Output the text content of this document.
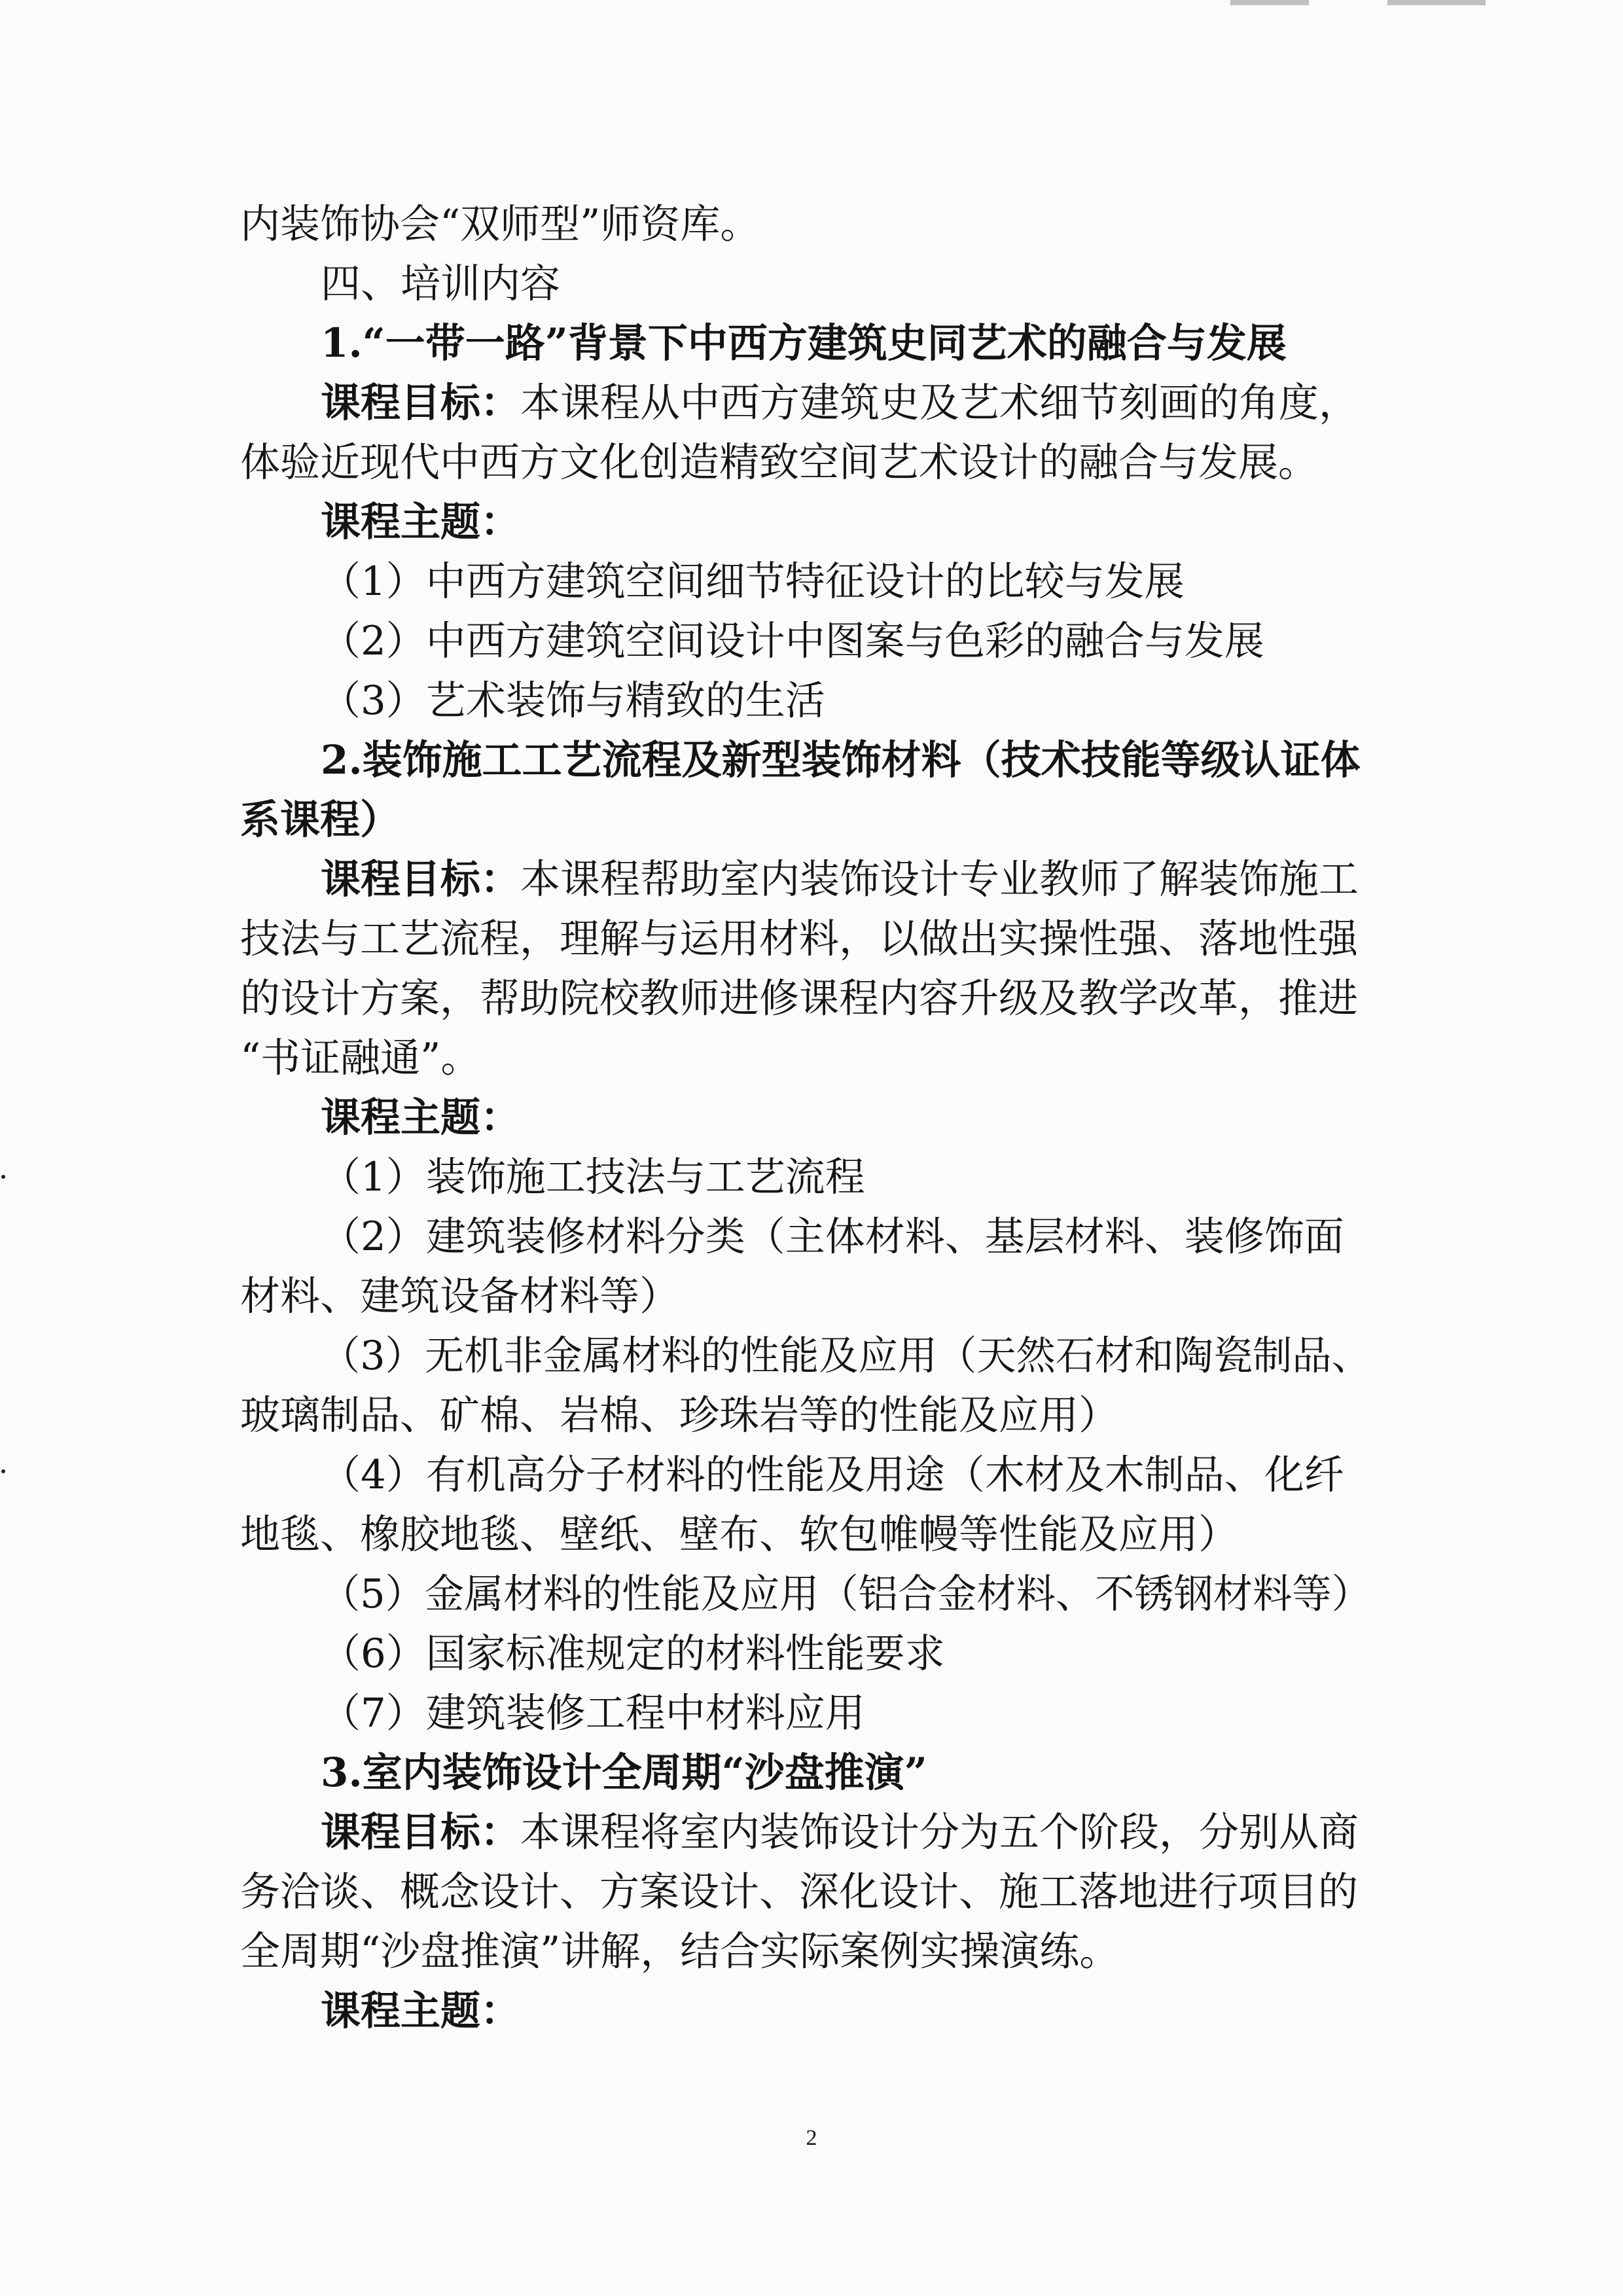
内装饰协会“双师型”师资库。
四、培训内容
1.“一带一路”背景下中西方建筑史同艺术的融合与发展
课程目标：本课程从中西方建筑史及艺术细节刻画的角度，
体验近现代中西方文化创造精致空间艺术设计的融合与发展。
课程主题：
（1）中西方建筑空间细节特征设计的比较与发展
（2）中西方建筑空间设计中图案与色彩的融合与发展
（3）艺术装饰与精致的生活
2.装饰施工工艺流程及新型装饰材料（技术技能等级认证体
系课程）
课程目标：本课程帮助室内装饰设计专业教师了解装饰施工
技法与工艺流程，理解与运用材料，以做出实操性强、落地性强
的设计方案，帮助院校教师进修课程内容升级及教学改革，推进
“书证融通”。
课程主题：
（1）装饰施工技法与工艺流程
（2）建筑装修材料分类（主体材料、基层材料、装修饰面
材料、建筑设备材料等）
（3）无机非金属材料的性能及应用（天然石材和陶瓷制品、
玻璃制品、矿棉、岩棉、珍珠岩等的性能及应用）
（4）有机高分子材料的性能及用途（木材及木制品、化纤
地毯、橡胶地毯、壁纸、壁布、软包帷幔等性能及应用）
（5）金属材料的性能及应用（铝合金材料、不锈钢材料等）
（6）国家标准规定的材料性能要求
（7）建筑装修工程中材料应用
3.室内装饰设计全周期“沙盘推演”
课程目标：本课程将室内装饰设计分为五个阶段，分别从商
务洽谈、概念设计、方案设计、深化设计、施工落地进行项目的
全周期“沙盘推演”讲解，结合实际案例实操演练。
课程主题：
2
